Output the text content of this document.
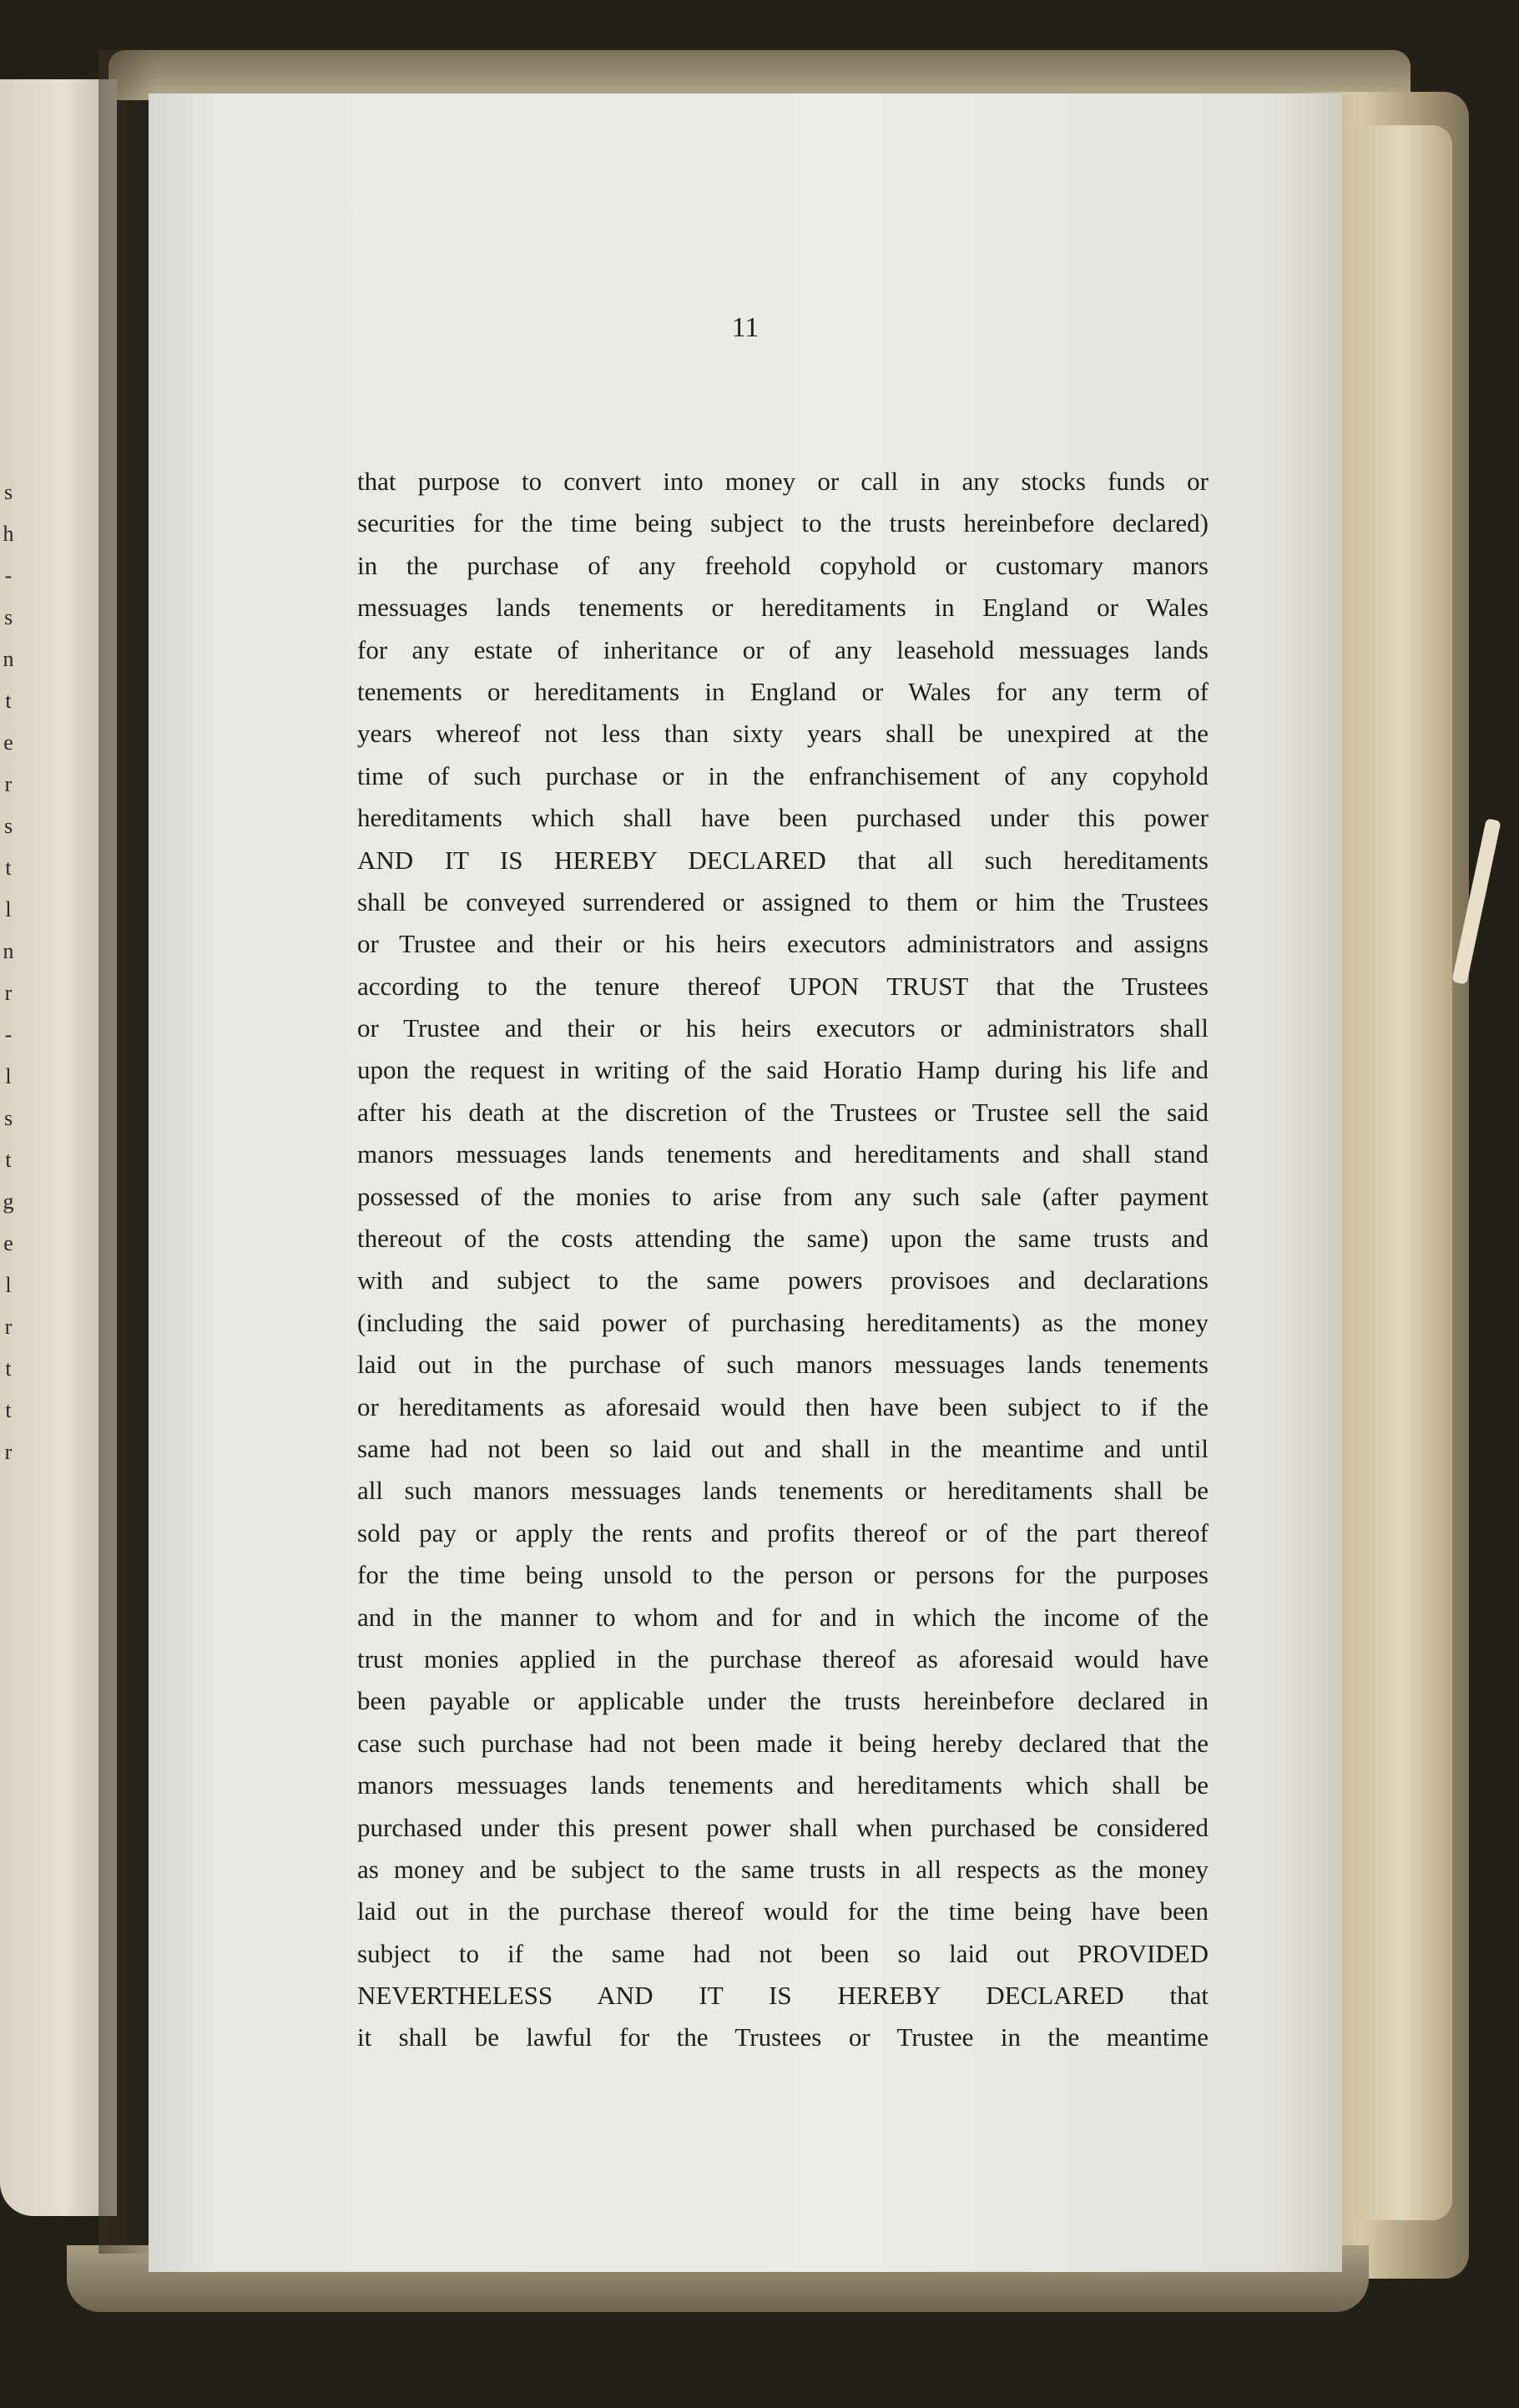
s
h
-
s
n
t
e
r
s
t
l
n
r
-
l
s
t
g
e
l
r
t
t
r
11
that purpose to convert into money or call in any stocks funds or
securities for the time being subject to the trusts hereinbefore declared)
in the purchase of any freehold copyhold or customary manors
messuages lands tenements or hereditaments in England or Wales
for any estate of inheritance or of any leasehold messuages lands
tenements or hereditaments in England or Wales for any term of
years whereof not less than sixty years shall be unexpired at the
time of such purchase or in the enfranchisement of any copyhold
hereditaments which shall have been purchased under this power
AND IT IS HEREBY DECLARED that all such hereditaments
shall be conveyed surrendered or assigned to them or him the Trustees
or Trustee and their or his heirs executors administrators and assigns
according to the tenure thereof UPON TRUST that the Trustees
or Trustee and their or his heirs executors or administrators shall
upon the request in writing of the said Horatio Hamp during his life and
after his death at the discretion of the Trustees or Trustee sell the said
manors messuages lands tenements and hereditaments and shall stand
possessed of the monies to arise from any such sale (after payment
thereout of the costs attending the same) upon the same trusts and
with and subject to the same powers provisoes and declarations
(including the said power of purchasing hereditaments) as the money
laid out in the purchase of such manors messuages lands tenements
or hereditaments as aforesaid would then have been subject to if the
same had not been so laid out and shall in the meantime and until
all such manors messuages lands tenements or hereditaments shall be
sold pay or apply the rents and profits thereof or of the part thereof
for the time being unsold to the person or persons for the purposes
and in the manner to whom and for and in which the income of the
trust monies applied in the purchase thereof as aforesaid would have
been payable or applicable under the trusts hereinbefore declared in
case such purchase had not been made it being hereby declared that the
manors messuages lands tenements and hereditaments which shall be
purchased under this present power shall when purchased be considered
as money and be subject to the same trusts in all respects as the money
laid out in the purchase thereof would for the time being have been
subject to if the same had not been so laid out PROVIDED
NEVERTHELESS AND IT IS HEREBY DECLARED that
it shall be lawful for the Trustees or Trustee in the meantime
